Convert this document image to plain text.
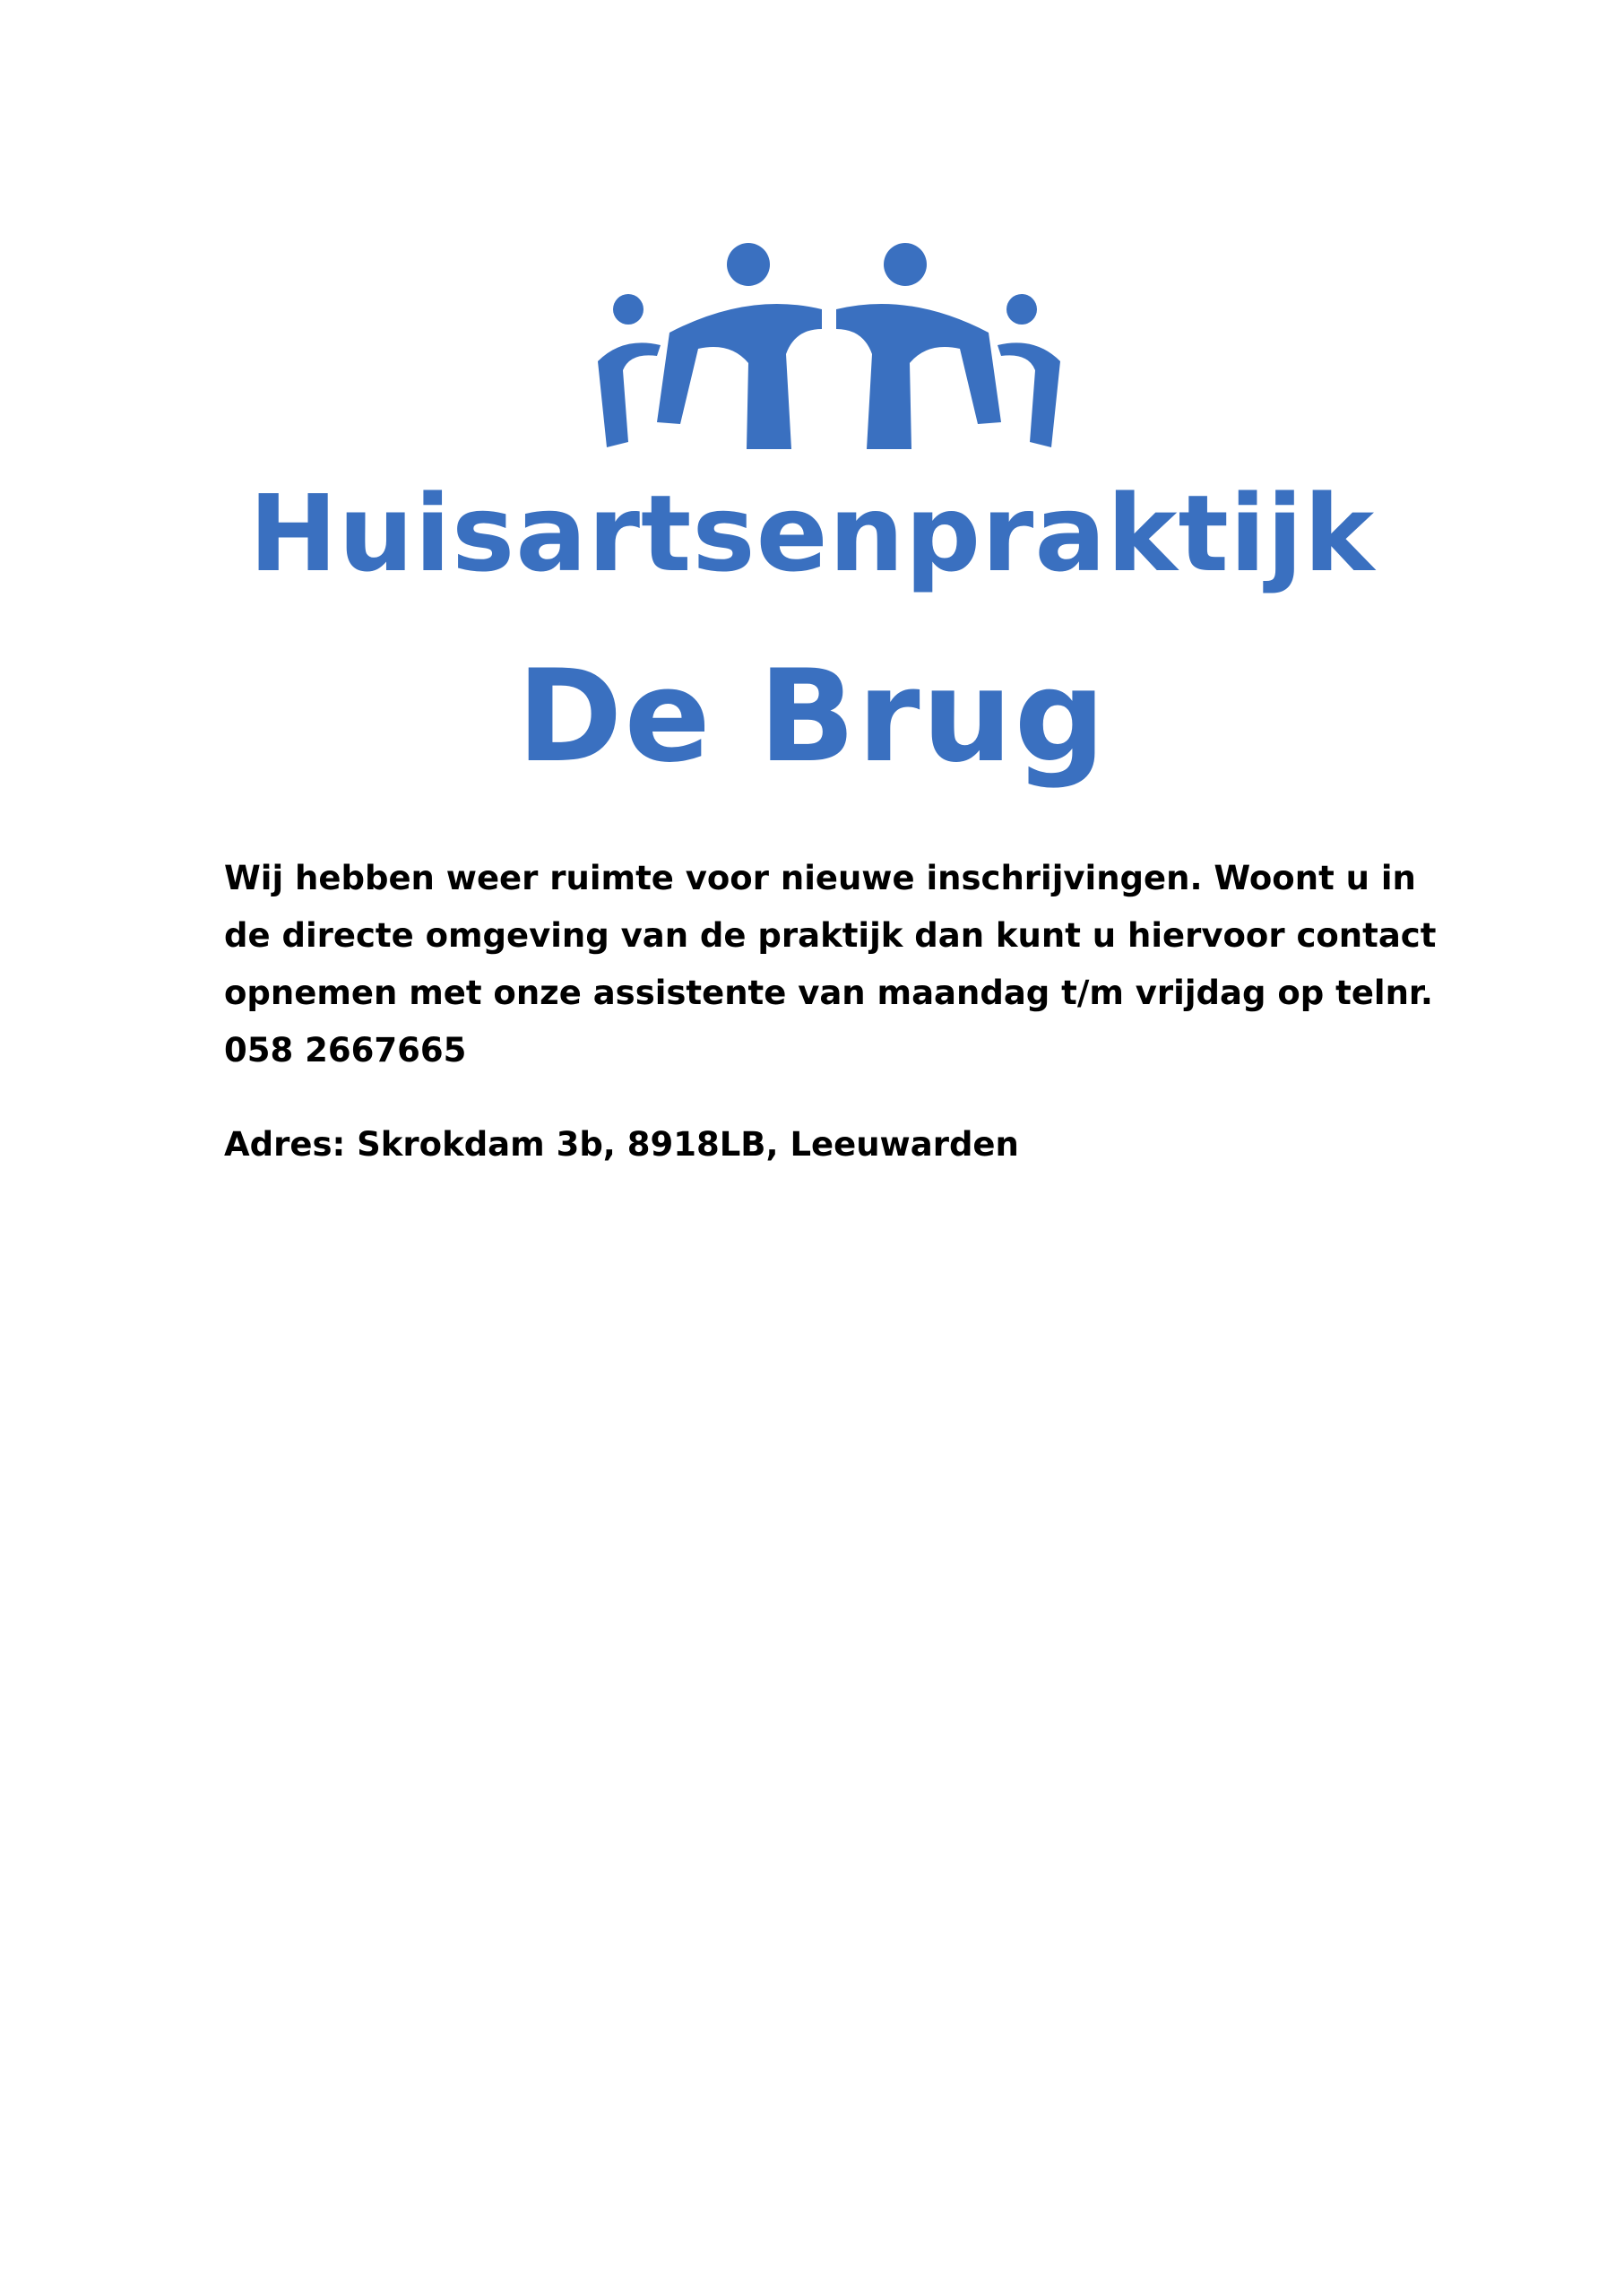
Huisartsenpraktijk
De Brug

Wij hebben weer ruimte voor nieuwe inschrijvingen. Woont u in de directe omgeving van de praktijk dan kunt u hiervoor contact opnemen met onze assistente van maandag t/m vrijdag op telnr. 058 2667665

Adres: Skrokdam 3b, 8918LB, Leeuwarden
